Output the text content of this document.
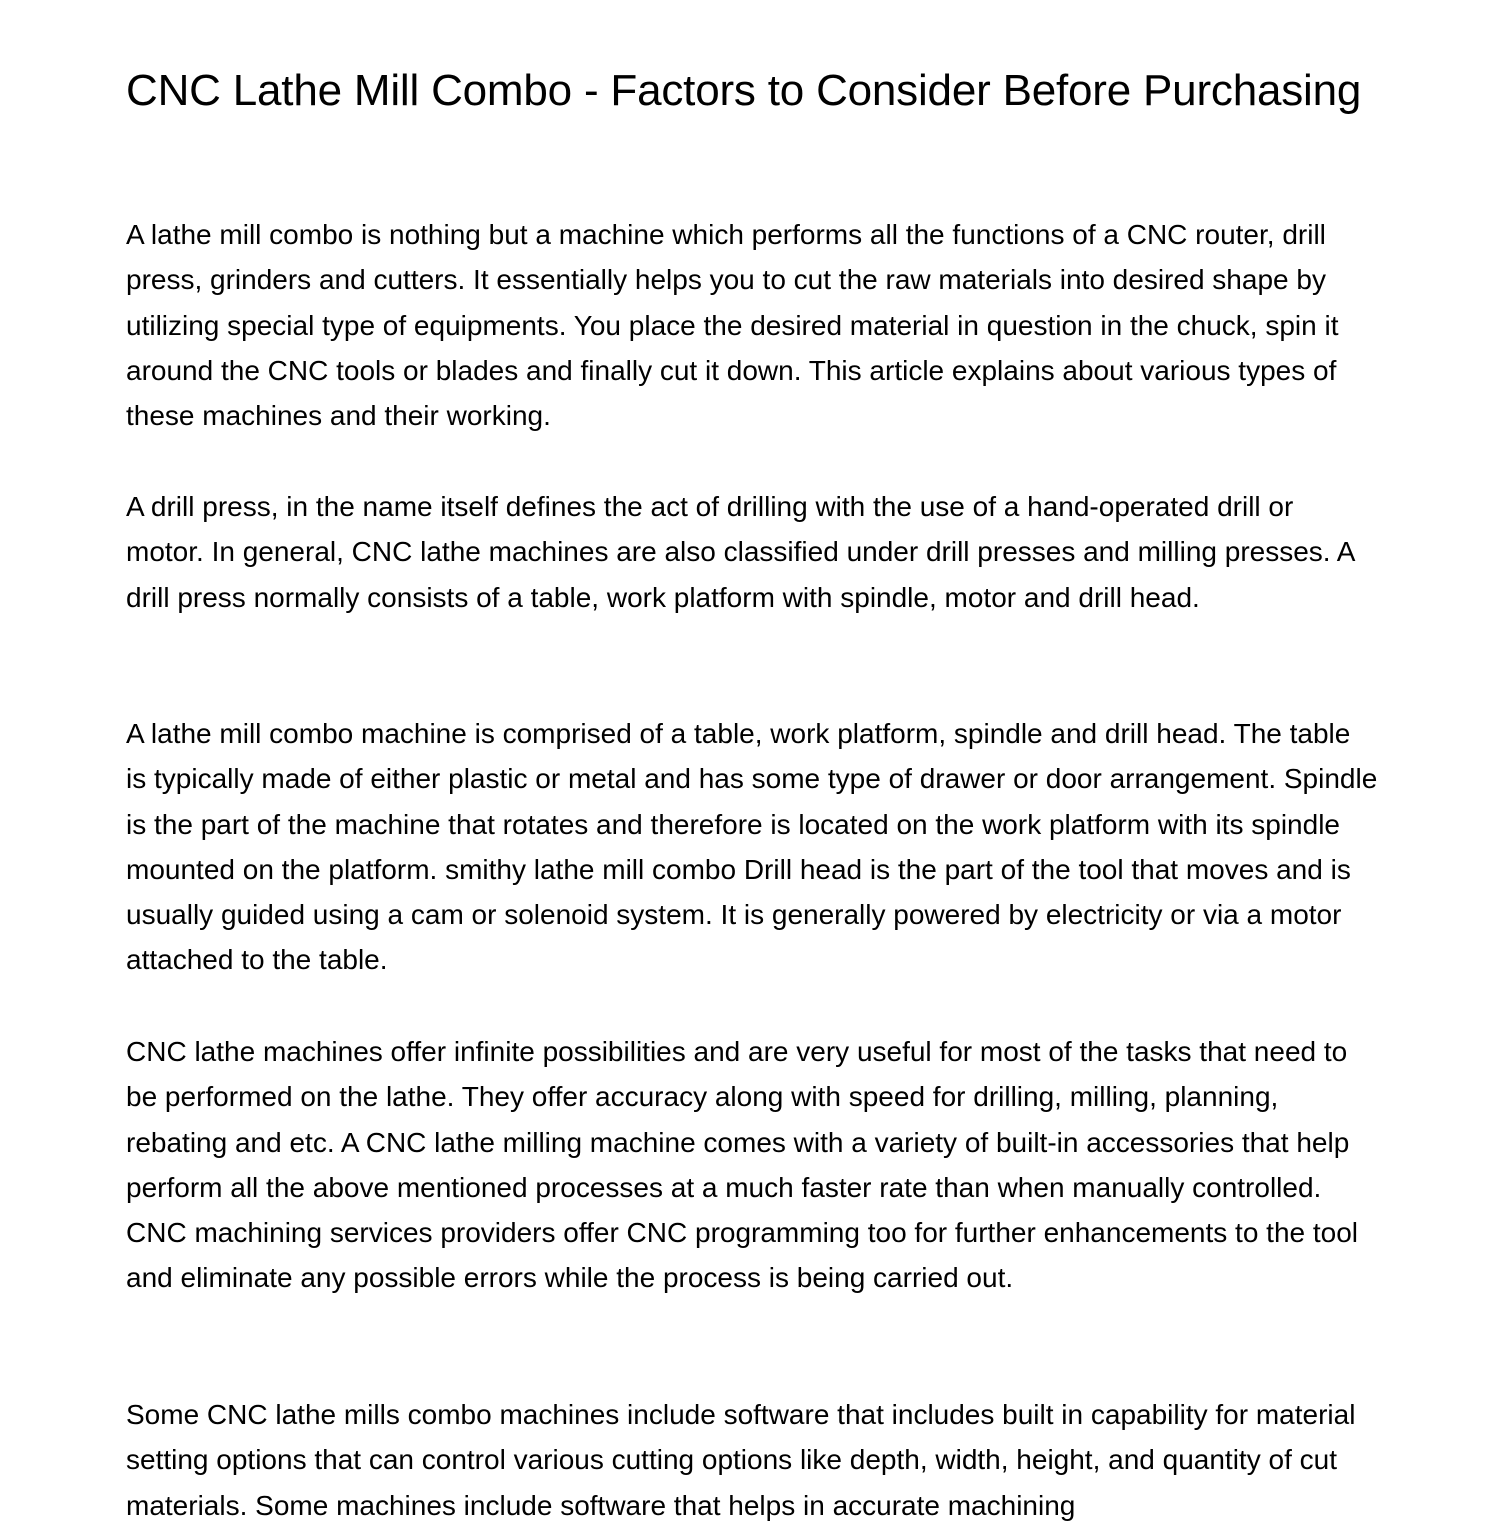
CNC Lathe Mill Combo - Factors to Consider Before Purchasing

A lathe mill combo is nothing but a machine which performs all the functions of a CNC router, drill press, grinders and cutters. It essentially helps you to cut the raw materials into desired shape by utilizing special type of equipments. You place the desired material in question in the chuck, spin it around the CNC tools or blades and finally cut it down. This article explains about various types of these machines and their working.

A drill press, in the name itself defines the act of drilling with the use of a hand-operated drill or motor. In general, CNC lathe machines are also classified under drill presses and milling presses. A drill press normally consists of a table, work platform with spindle, motor and drill head.

A lathe mill combo machine is comprised of a table, work platform, spindle and drill head. The table is typically made of either plastic or metal and has some type of drawer or door arrangement. Spindle is the part of the machine that rotates and therefore is located on the work platform with its spindle mounted on the platform. smithy lathe mill combo Drill head is the part of the tool that moves and is usually guided using a cam or solenoid system. It is generally powered by electricity or via a motor attached to the table.

CNC lathe machines offer infinite possibilities and are very useful for most of the tasks that need to be performed on the lathe. They offer accuracy along with speed for drilling, milling, planning, rebating and etc. A CNC lathe milling machine comes with a variety of built-in accessories that help perform all the above mentioned processes at a much faster rate than when manually controlled. CNC machining services providers offer CNC programming too for further enhancements to the tool and eliminate any possible errors while the process is being carried out.

Some CNC lathe mills combo machines include software that includes built in capability for material setting options that can control various cutting options like depth, width, height, and quantity of cut materials. Some machines include software that helps in accurate machining
